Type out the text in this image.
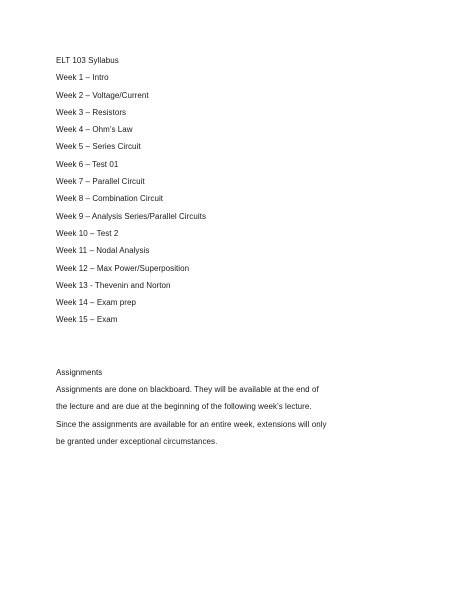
ELT 103 Syllabus
Week 1 – Intro
Week 2 – Voltage/Current
Week 3 – Resistors
Week 4 – Ohm’s Law
Week 5 – Series Circuit
Week 6 – Test 01
Week 7 – Parallel Circuit
Week 8 – Combination Circuit
Week 9 – Analysis Series/Parallel Circuits
Week 10 – Test 2
Week 11 – Nodal Analysis
Week 12 – Max Power/Superposition
Week 13 - Thevenin and Norton
Week 14 – Exam prep
Week 15 – Exam
Assignments
Assignments are done on blackboard. They will be available at the end of
the lecture and are due at the beginning of the following week’s lecture.
Since the assignments are available for an entire week, extensions will only
be granted under exceptional circumstances.
